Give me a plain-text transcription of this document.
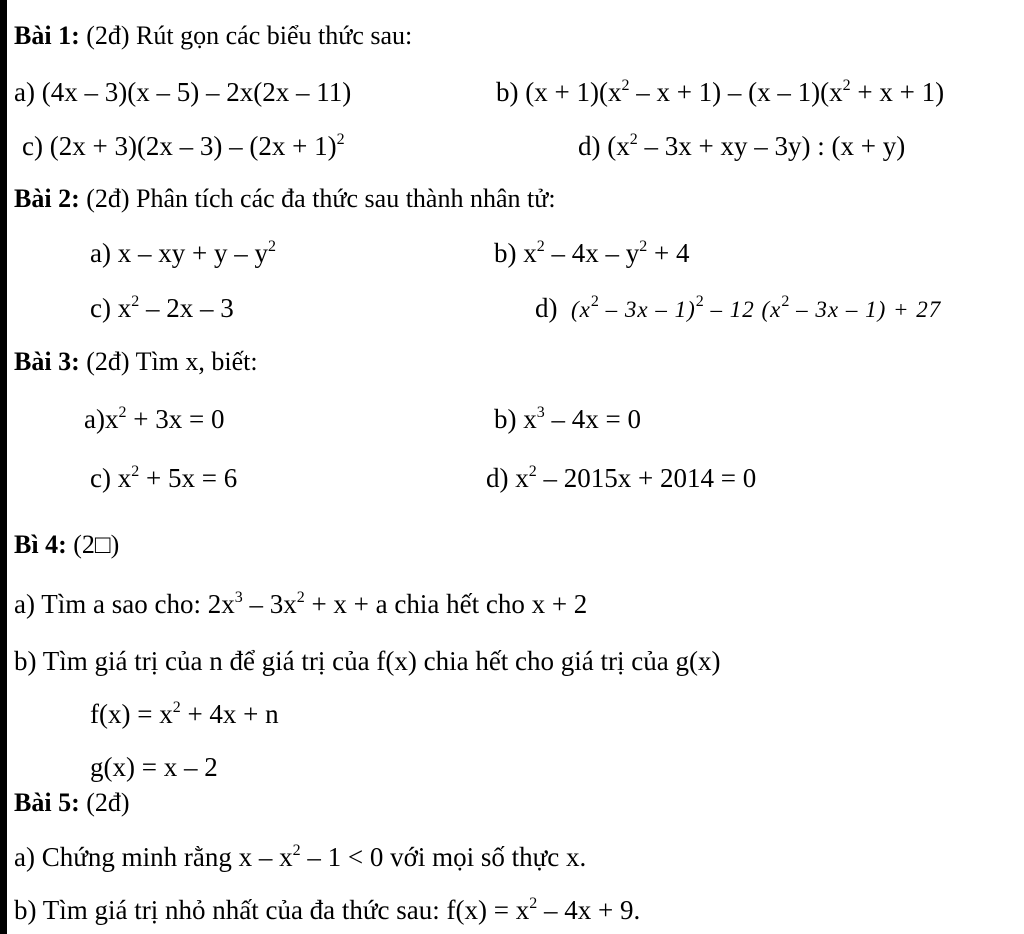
Bài 1: (2đ) Rút gọn các biểu thức sau:
a) (4x – 3)(x – 5) – 2x(2x – 11)	b) $(x + 1)(x^2 - x + 1) - (x - 1)(x^2 + x + 1)$
c) $(2x + 3)(2x - 3) - (2x + 1)^2$	d) ($x^2 - 3x$ + xy – 3y) : (x + y)
Bài 2: (2đ) Phân tích các đa thức sau thành nhân tử:
a) x – xy + y – $y^2$	b) $x^2 - 4x - y^2 + 4$
c) $x^2 - 2x - 3$	d) $(x^2 - 3x - 1)^2 - 12$ $(x^2 - 3x - 1) + 27$
Bài 3: (2đ) Tìm x, biết:
$a)x^2 + 3x = 0$	b) $x^3 - 4x = 0$
c) $x^2 + 5x = 6$	d) $x^2 - 2015x + 2014 = 0$
Bì 4: (2□)
a) Tìm a sao cho: $2x^3 - 3x^2 + x + a$ chia hết cho x + 2
b) Tìm giá trị của n để giá trị của f(x) chia hết cho giá trị của g(x)
$f(x) = x^2 + 4x + n$
g(x) = x – 2
Bài 5: (2đ)
a) Chứng minh rằng $x - x^2 - 1 < 0$ với mọi số thực x.
b) Tìm giá trị nhỏ nhất của đa thức sau: $f(x) = x^2 - 4x + 9$.
